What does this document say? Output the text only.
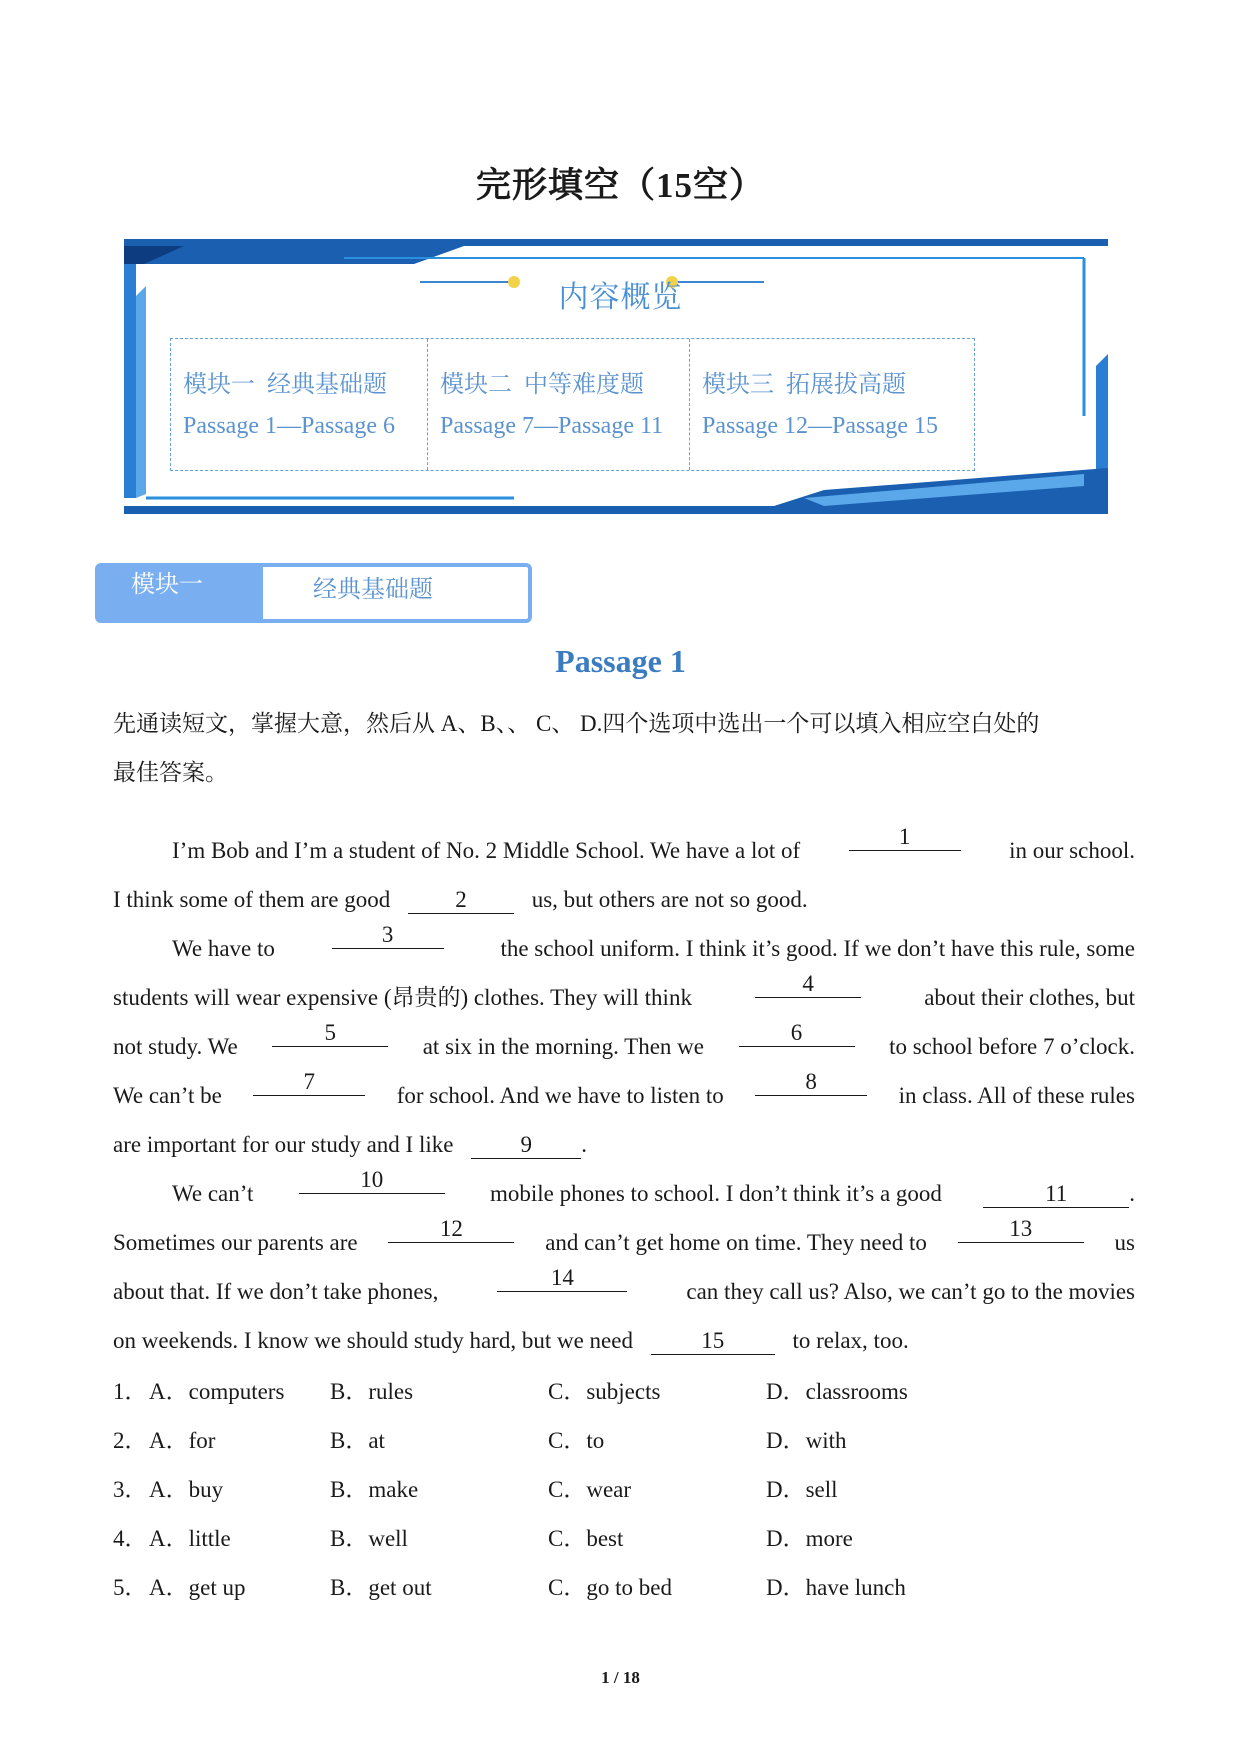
完形填空（15空）
内容概览
模块一  经典基础题
Passage 1—Passage 6
模块二  中等难度题
Passage 7—Passage 11
模块三  拓展拔高题
Passage 12—Passage 15
模块一	经典基础题
Passage 1
先通读短文，掌握大意，然后从 A、B、、 C、 D.四个选项中选出一个可以填入相应空白处的
最佳答案。
I’m Bob and I’m a student of No. 2 Middle School. We have a lot of
1
in our school.
I think some of them are good	2	us, but others are not so good.
We have to
3
the school uniform. I think it’s good. If we don’t have this rule, some
students will wear expensive (昂贵的) clothes. They will think
4
about their clothes, but
not study. We
5
at six in the morning. Then we
6
to school before 7 o’clock.
We can’t be
7
for school. And we have to listen to
8
in class. All of these rules
are important for our study and I like	9 .
We can’t
10
mobile phones to school. I don’t think it’s a good	11	.
Sometimes our parents are
12
and can’t get home on time. They need to
13
us
about that. If we don’t take phones,
14
can they call us? Also, we can’t go to the movies
on weekends. I know we should study hard, but we need	15	to relax, too.
1． A．computers B．rules	C．subjects	D．classrooms
2． A．for	B．at	C．to	D．with
3． A．buy	B．make	C．wear	D．sell
4． A．little	B．well	C．best	D．more
5． A．get up	B．get out	C．go to bed	D．have lunch
1 / 18
